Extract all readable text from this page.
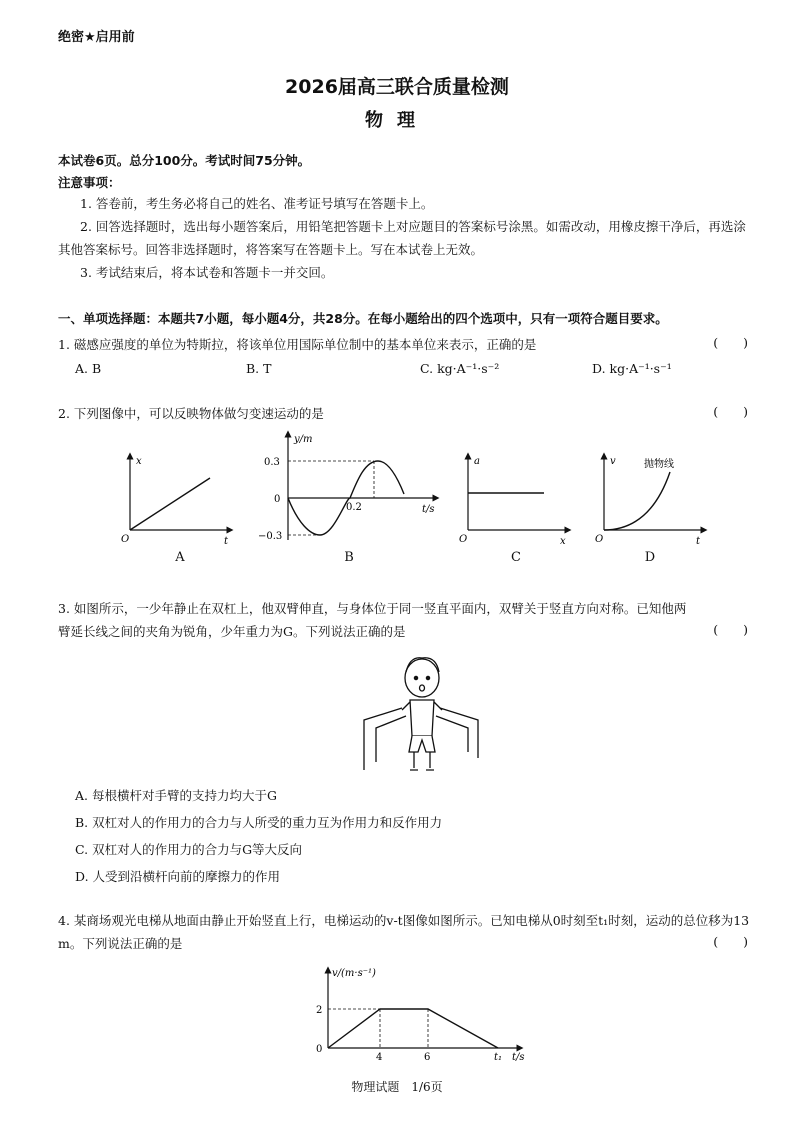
绝密★启用前
2026届高三联合质量检测
物理
本试卷6页。总分100分。考试时间75分钟。
注意事项：
1. 答卷前，考生务必将自己的姓名、准考证号填写在答题卡上。
2. 回答选择题时，选出每小题答案后，用铅笔把答题卡上对应题目的答案标号涂黑。如需改动，用橡皮擦干净后，再选涂其他答案标号。回答非选择题时，将答案写在答题卡上。写在本试卷上无效。
3. 考试结束后，将本试卷和答题卡一并交回。
一、单项选择题：本题共7小题，每小题4分，共28分。在每小题给出的四个选项中，只有一项符合题目要求。
1. 磁感应强度的单位为特斯拉，将该单位用国际单位制中的基本单位来表示，正确的是	(　　)
A. B	B. T	C. kg·A⁻¹·s⁻²	D. kg·A⁻¹·s⁻¹
2. 下列图像中，可以反映物体做匀变速运动的是	(　　)
x
t
O
A
y/m
t/s
0.3
0
−0.3
0.2
B
a
x
O
C
v	抛物线
t
O
D
3. 如图所示，一少年静止在双杠上，他双臂伸直，与身体位于同一竖直平面内，双臂关于竖直方向对称。已知他两臂延长线之间的夹角为锐角，少年重力为G。下列说法正确的是	(　　)
A. 每根横杆对手臂的支持力均大于G
B. 双杠对人的作用力的合力与人所受的重力互为作用力和反作用力
C. 双杠对人的作用力的合力与G等大反向
D. 人受到沿横杆向前的摩擦力的作用
4. 某商场观光电梯从地面由静止开始竖直上行，电梯运动的v-t图像如图所示。已知电梯从0时刻至t₁时刻，运动的总位移为13 m。下列说法正确的是	(　　)
v/(m·s⁻¹)
2
0
4	6	t₁ t/s
物理试题　1/6页
